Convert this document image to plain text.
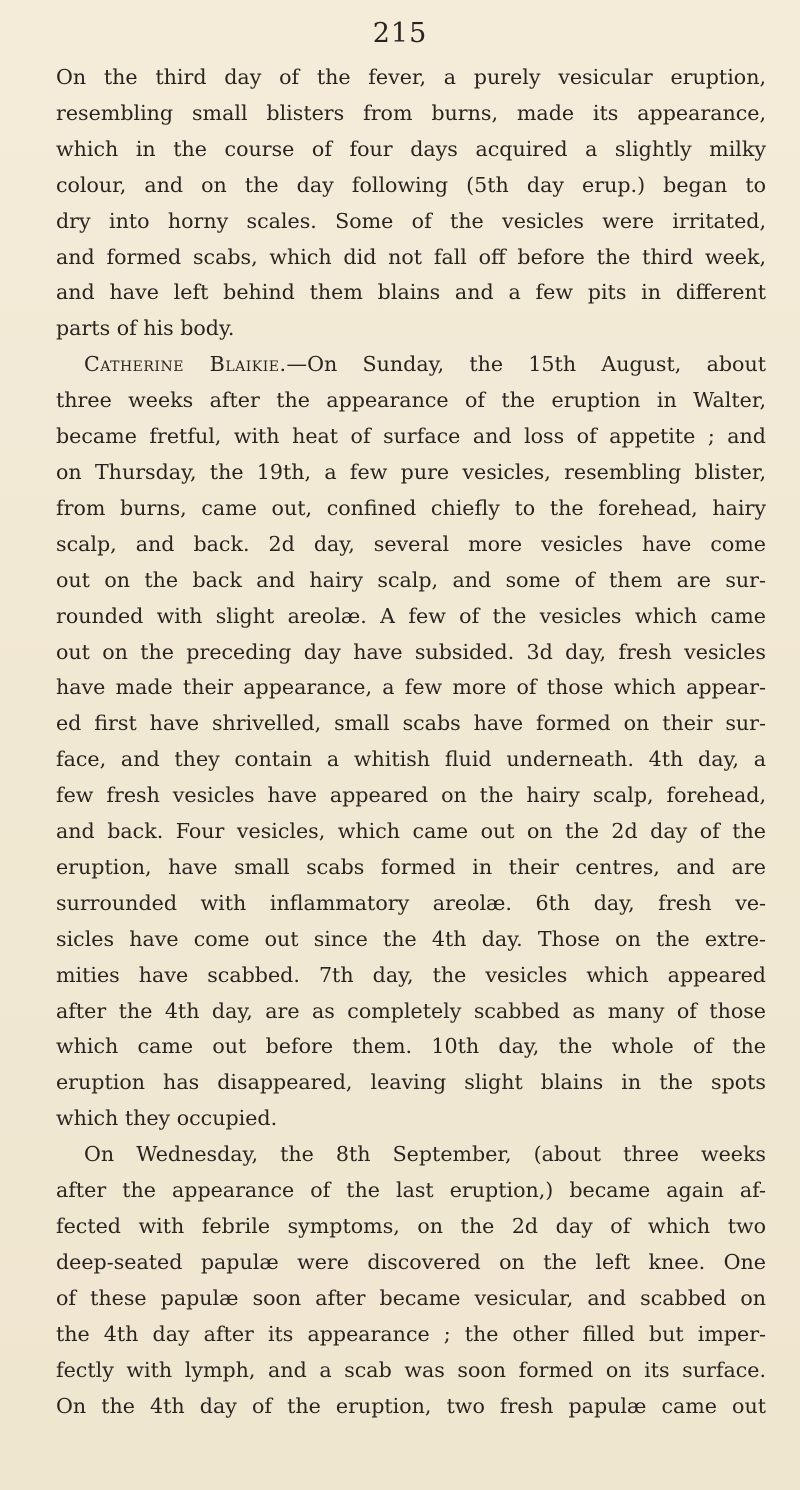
215

On the third day of the fever, a purely vesicular eruption,
resembling small blisters from burns, made its appearance,
which in the course of four days acquired a slightly milky
colour, and on the day following (5th day erup.) began to
dry into horny scales. Some of the vesicles were irritated,
and formed scabs, which did not fall off before the third week,
and have left behind them blains and a few pits in different
parts of his body.
Catherine Blaikie.—On Sunday, the 15th August, about
three weeks after the appearance of the eruption in Walter,
became fretful, with heat of surface and loss of appetite ; and
on Thursday, the 19th, a few pure vesicles, resembling blister,
from burns, came out, confined chiefly to the forehead, hairy
scalp, and back. 2d day, several more vesicles have come
out on the back and hairy scalp, and some of them are sur-
rounded with slight areolæ. A few of the vesicles which came
out on the preceding day have subsided. 3d day, fresh vesicles
have made their appearance, a few more of those which appear-
ed first have shrivelled, small scabs have formed on their sur-
face, and they contain a whitish fluid underneath. 4th day, a
few fresh vesicles have appeared on the hairy scalp, forehead,
and back. Four vesicles, which came out on the 2d day of the
eruption, have small scabs formed in their centres, and are
surrounded with inflammatory areolæ. 6th day, fresh ve-
sicles have come out since the 4th day. Those on the extre-
mities have scabbed. 7th day, the vesicles which appeared
after the 4th day, are as completely scabbed as many of those
which came out before them. 10th day, the whole of the
eruption has disappeared, leaving slight blains in the spots
which they occupied.
On Wednesday, the 8th September, (about three weeks
after the appearance of the last eruption,) became again af-
fected with febrile symptoms, on the 2d day of which two
deep-seated papulæ were discovered on the left knee. One
of these papulæ soon after became vesicular, and scabbed on
the 4th day after its appearance ; the other filled but imper-
fectly with lymph, and a scab was soon formed on its surface.
On the 4th day of the eruption, two fresh papulæ came out
